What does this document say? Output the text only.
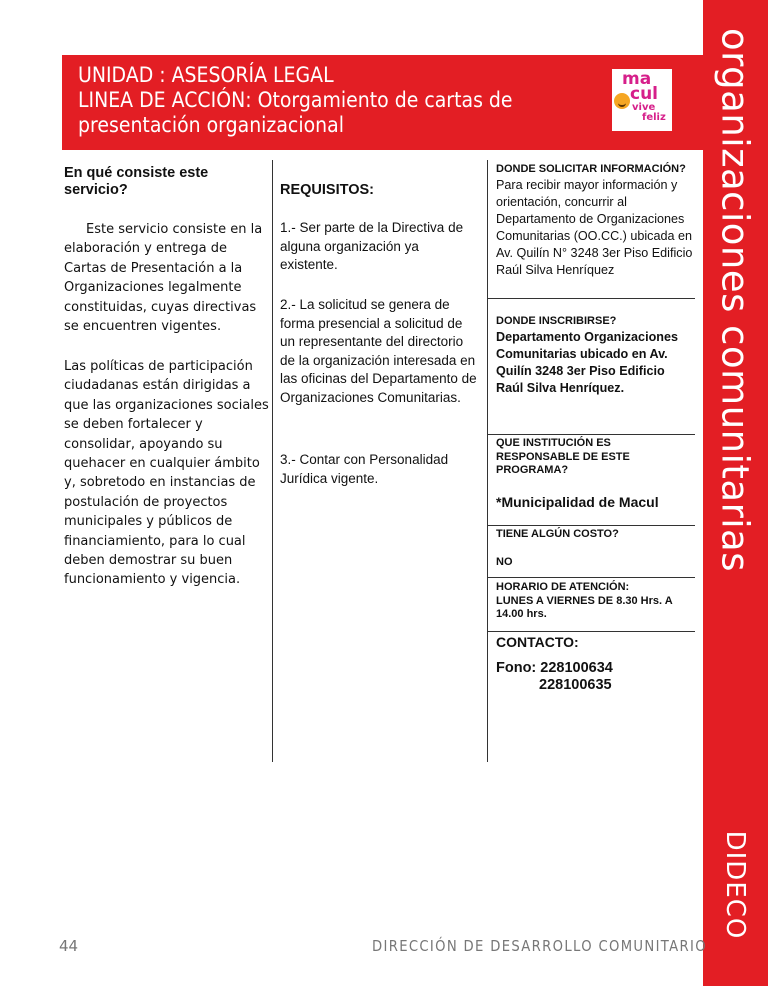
organizaciones comunitarias
DIDECO
UNIDAD : ASESORÍA LEGAL
LINEA DE ACCIÓN: Otorgamiento de cartas de
presentación organizacional
ma
cul
vive
feliz
En qué consiste este servicio?
Este servicio consiste en la elaboración y entrega de Cartas de Presentación a la Organizaciones legalmente constituidas, cuyas directivas se encuentren vigentes.
Las políticas de participación ciudadanas están dirigidas a que las organizaciones sociales se deben fortalecer y consolidar, apoyando su quehacer en cualquier ámbito y, sobretodo en instancias de postulación de proyectos municipales y públicos de financiamiento, para lo cual deben demostrar su buen funcionamiento y vigencia.
REQUISITOS:
1.- Ser parte de la Directiva de alguna organización ya existente.
2.- La solicitud se genera de forma presencial a solicitud de un representante del directorio de la organización interesada en las oficinas del Departamento de Organizaciones Comunitarias.
3.- Contar con Personalidad Jurídica vigente.
DONDE SOLICITAR INFORMACIÓN?
Para recibir mayor información y orientación, concurrir al Departamento de Organizaciones Comunitarias (OO.CC.) ubicada en Av. Quilín N° 3248 3er Piso Edificio Raúl Silva Henríquez
DONDE INSCRIBIRSE?
Departamento Organizaciones Comunitarias ubicado en Av. Quilín 3248 3er Piso Edificio Raúl Silva Henríquez.
QUE INSTITUCIÓN ES RESPONSABLE DE ESTE PROGRAMA?
*Municipalidad de Macul
TIENE ALGÚN COSTO?
NO
HORARIO DE ATENCIÓN:
LUNES A VIERNES DE 8.30 Hrs. A 14.00 hrs.
CONTACTO:
Fono: 228100634
228100635
44	DIRECCIÓN DE DESARROLLO COMUNITARIO
